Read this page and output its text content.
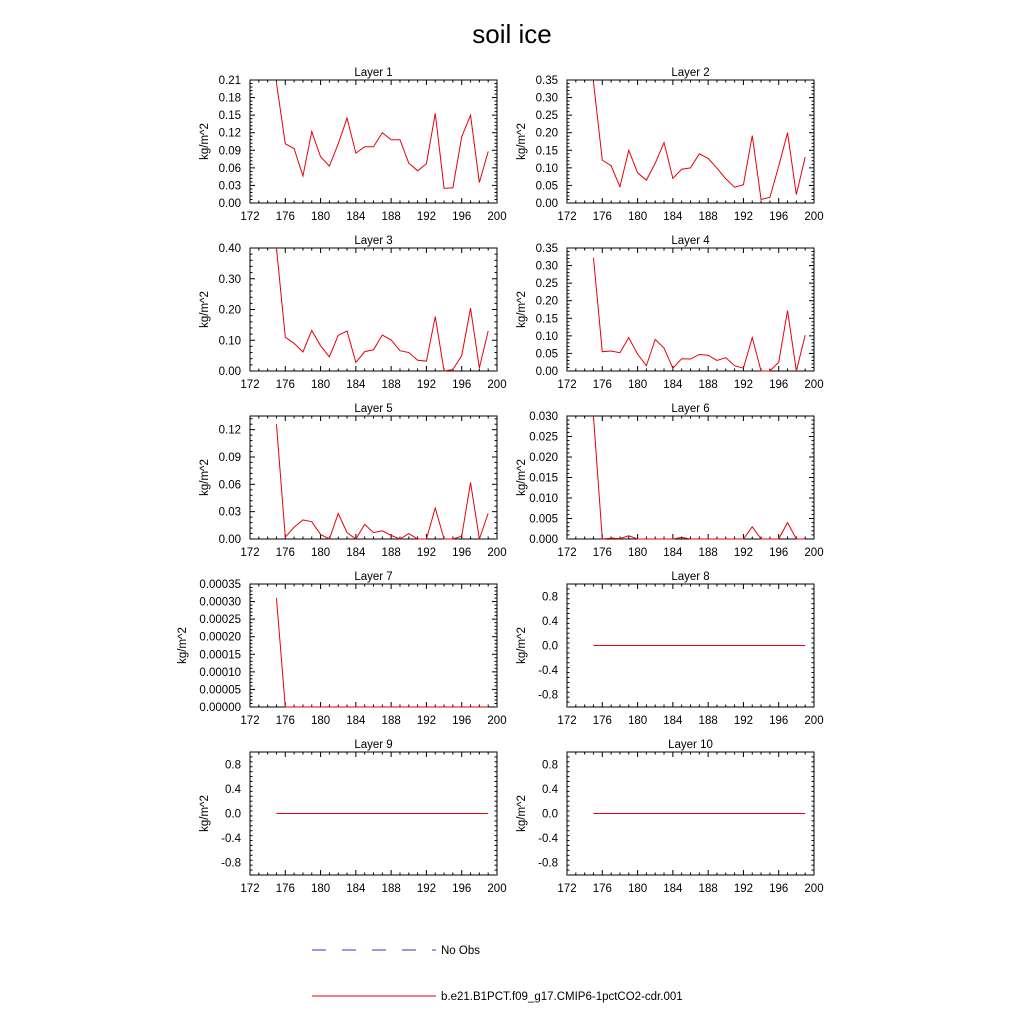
soil ice
Layer 1
kg/m^2
172 176 180 184 188 192 196 200
0.00
0.03
0.06
0.09
0.12
0.15
0.18
0.21
Layer 2
kg/m^2
172 176 180 184 188 192 196 200
0.00
0.05
0.10
0.15
0.20
0.25
0.30
0.35
Layer 3
kg/m^2
172 176 180 184 188 192 196 200
0.00
0.10
0.20
0.30
0.40
Layer 4
kg/m^2
172 176 180 184 188 192 196 200
0.00
0.05
0.10
0.15
0.20
0.25
0.30
0.35
Layer 5
kg/m^2
172 176 180 184 188 192 196 200
0.00
0.03
0.06
0.09
0.12
Layer 6
kg/m^2
172 176 180 184 188 192 196 200
0.000
0.005
0.010
0.015
0.020
0.025
0.030
Layer 7
kg/m^2
172 176 180 184 188 192 196 200
0.00000
0.00005
0.00010
0.00015
0.00020
0.00025
0.00030
0.00035
Layer 8
kg/m^2
172 176 180 184 188 192 196 200
-0.8
-0.4
0.0
0.4
0.8
Layer 9
kg/m^2
172 176 180 184 188 192 196 200
-0.8
-0.4
0.0
0.4
0.8
Layer 10
kg/m^2
172 176 180 184 188 192 196 200
-0.8
-0.4
0.0
0.4
0.8
No Obs
b.e21.B1PCT.f09_g17.CMIP6-1pctCO2-cdr.001
